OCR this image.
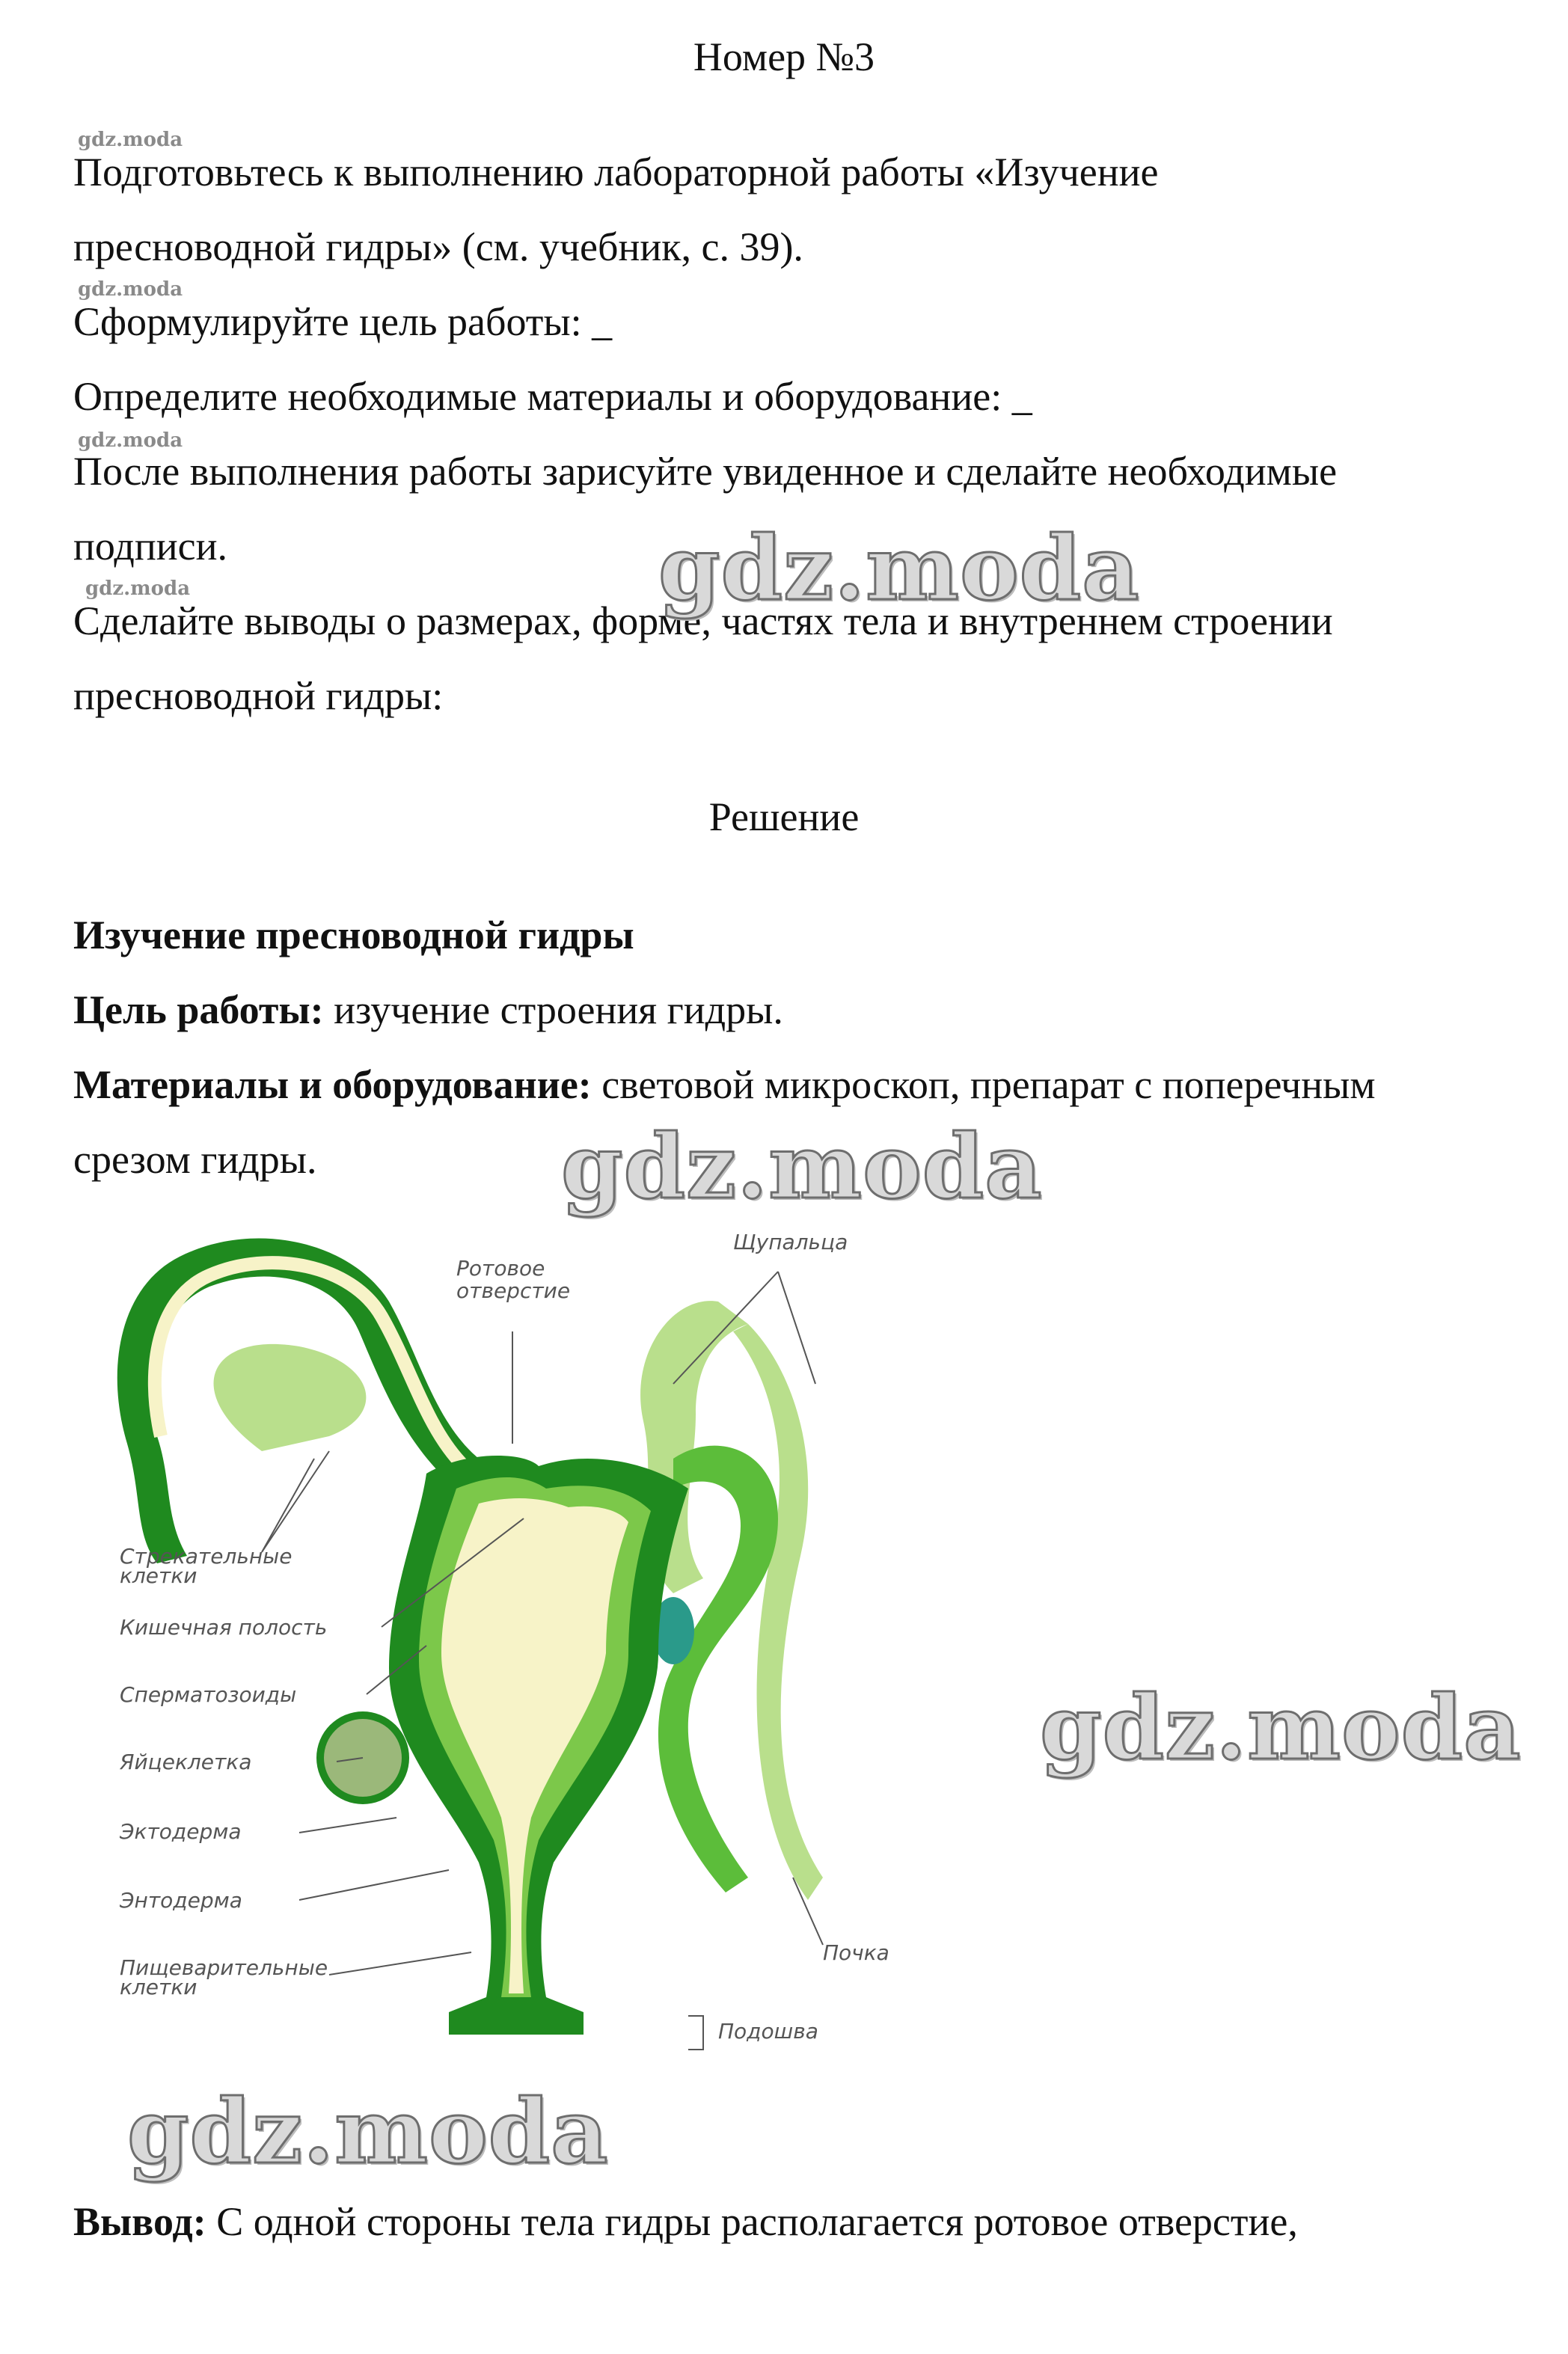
Номер №3
gdz.moda
gdz.moda
gdz.moda
gdz.moda
Подготовьтесь к выполнению лабораторной работы «Изучение
пресноводной гидры» (см. учебник, с. 39).
Сформулируйте цель работы: _
Определите необходимые материалы и оборудование: _
После выполнения работы зарисуйте увиденное и сделайте необходимые
подписи.
Сделайте выводы о размерах, форме, частях тела и внутреннем строении
пресноводной гидры:
gdz.moda
gdz.moda
gdz.moda
gdz.moda
Решение
Изучение пресноводной гидры
Цель работы: изучение строения гидры.
Материалы и оборудование: световой микроскоп, препарат с поперечным
срезом гидры.
Щупальца
Ротовое
отверстие
Стрекательные
клетки
Кишечная полость
Сперматозоиды
Яйцеклетка
Эктодерма
Энтодерма
Пищеварительные
клетки
Почка
Подошва
Вывод: С одной стороны тела гидры располагается ротовое отверстие,
